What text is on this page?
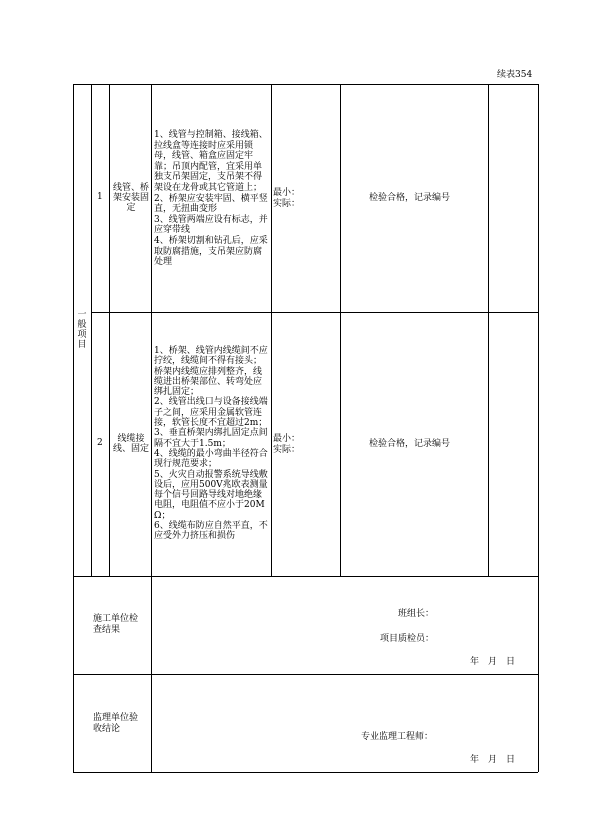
续表354
一般项目
1
线管、桥架安装固定
1、线管与控制箱、接线箱、拉线盒等连接时应采用锁母，线管、箱盒应固定牢靠；吊顶内配管，宜采用单独支吊架固定，支吊架不得架设在龙骨或其它管道上；
2、桥架应安装牢固、横平竖直，无扭曲变形
3、线管两端应设有标志，并应穿带线
4、桥架切割和钻孔后，应采取防腐措施，支吊架应防腐处理
最小：
实际：
检验合格，记录编号
2	线缆接线、固定
1、桥架、线管内线缆间不应拧绞，线缆间不得有接头；桥架内线缆应排列整齐，线缆进出桥架部位、转弯处应绑扎固定；
2、线管出线口与设备接线端子之间，应采用金属软管连接，软管长度不宜超过2m；
3、垂直桥架内绑扎固定点间隔不宜大于1.5m；
4、线缆的最小弯曲半径符合现行规范要求；
5、火灾自动报警系统导线敷设后，应用500V兆欧表测量每个信号回路导线对地绝缘电阻，电阻值不应小于20MΩ；
6、线缆布防应自然平直，不应受外力挤压和损伤
最小：
实际：
检验合格，记录编号
施工单位检查结果
班组长：
项目质检员：
年　月　日
监理单位验收结论
专业监理工程师：
年　月　日
